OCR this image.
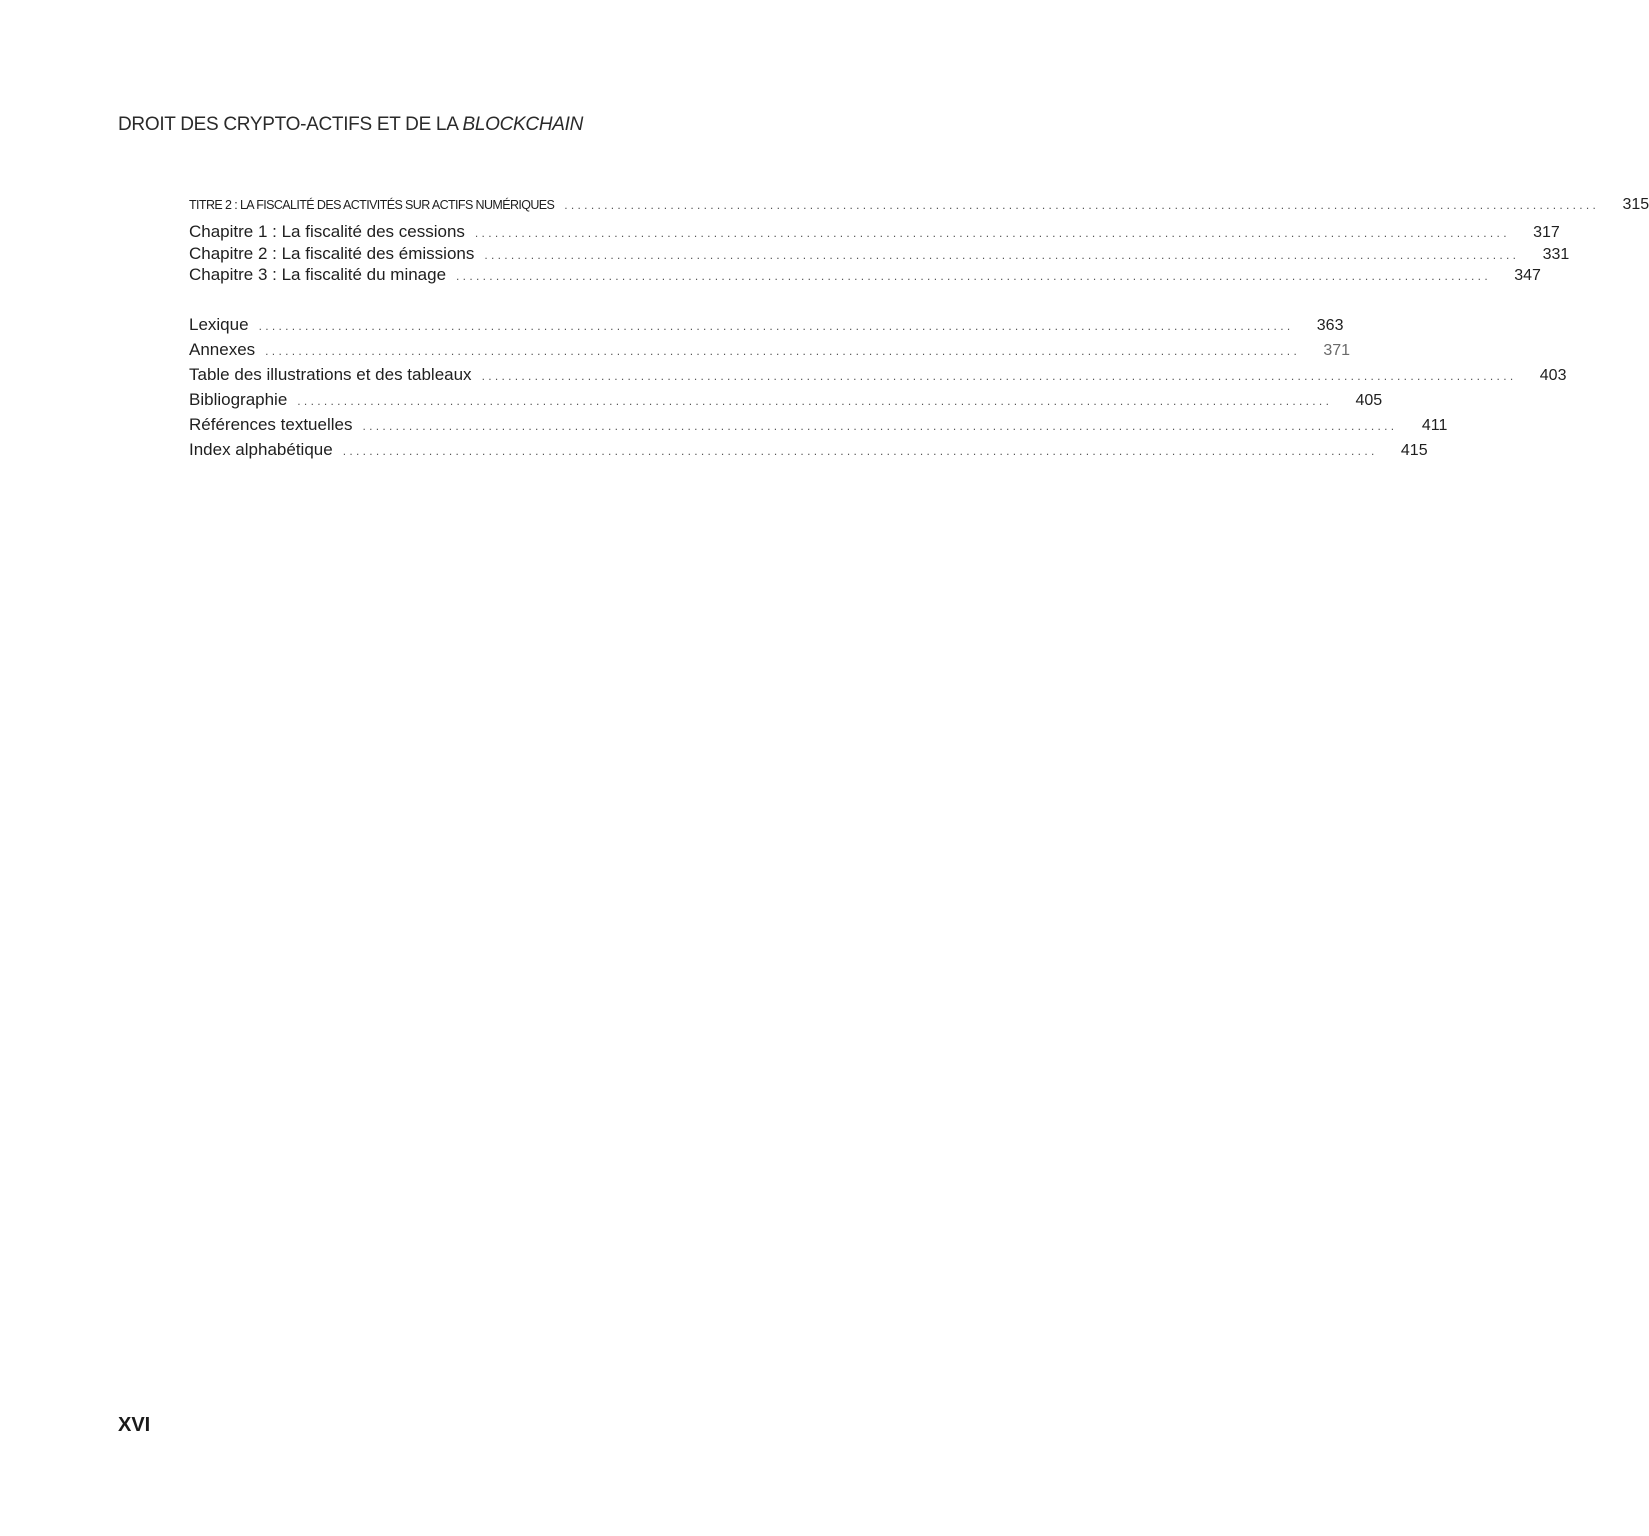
DROIT DES CRYPTO-ACTIFS ET DE LA BLOCKCHAIN
TITRE 2 : LA FISCALITÉ DES ACTIVITÉS SUR ACTIFS NUMÉRIQUES ............................................................................................................................................................	315
Chapitre 1 : La fiscalité des cessions ............................................................................................................................................................	317
Chapitre 2 : La fiscalité des émissions ............................................................................................................................................................	331
Chapitre 3 : La fiscalité du minage ............................................................................................................................................................	347
Lexique ............................................................................................................................................................	363
Annexes ............................................................................................................................................................	371
Table des illustrations et des tableaux ............................................................................................................................................................	403
Bibliographie ............................................................................................................................................................	405
Références textuelles ............................................................................................................................................................	411
Index alphabétique ............................................................................................................................................................	415
XVI
